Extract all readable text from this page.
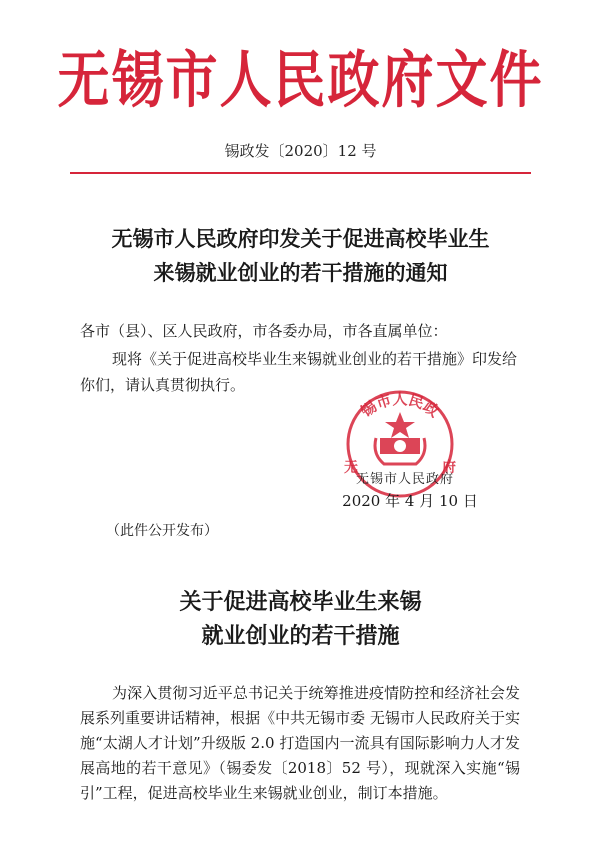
无锡市人民政府文件
锡政发〔2020〕12 号
无锡市人民政府印发关于促进高校毕业生
来锡就业创业的若干措施的通知
各市（县）、区人民政府，市各委办局，市各直属单位：
现将《关于促进高校毕业生来锡就业创业的若干措施》印发给你们，请认真贯彻执行。
锡市人民政
无	府
无锡市人民政府
2020 年 4 月 10 日
（此件公开发布）
关于促进高校毕业生来锡
就业创业的若干措施
为深入贯彻习近平总书记关于统筹推进疫情防控和经济社会发展系列重要讲话精神，根据《中共无锡市委 无锡市人民政府关于实施“太湖人才计划”升级版 2.0 打造国内一流具有国际影响力人才发展高地的若干意见》（锡委发〔2018〕52 号），现就深入实施“锡引”工程，促进高校毕业生来锡就业创业，制订本措施。
